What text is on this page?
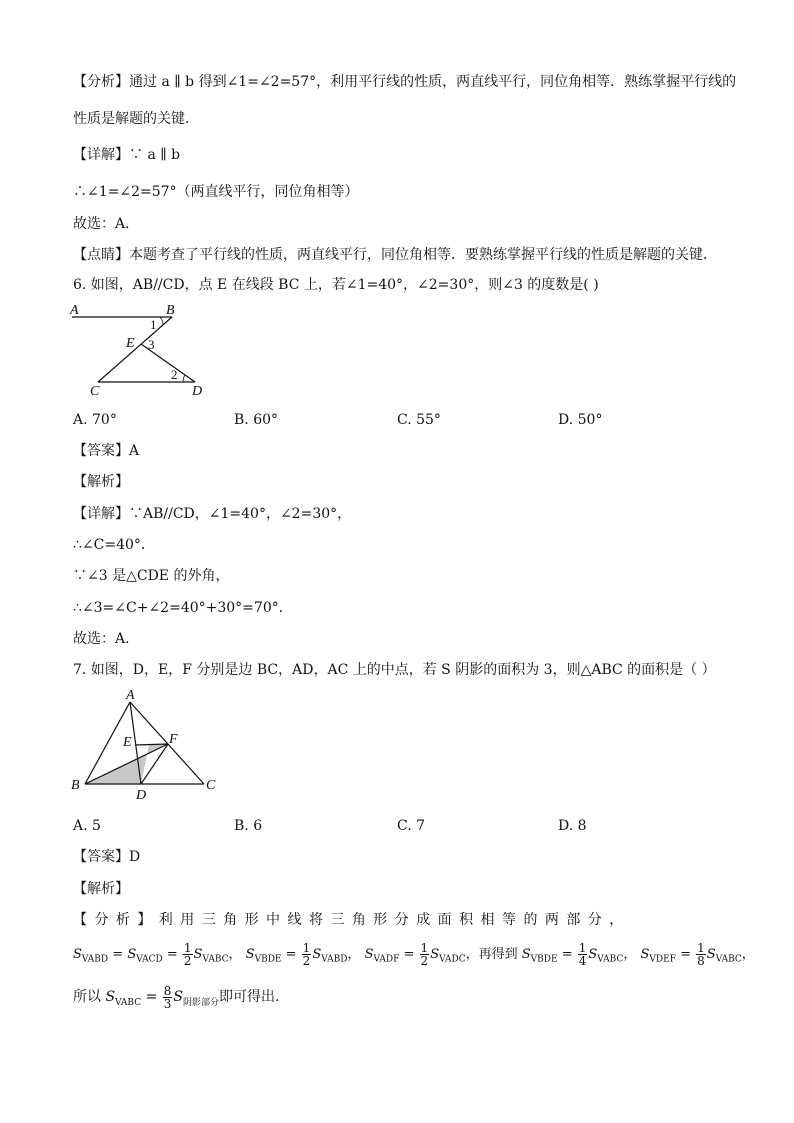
【分析】通过 a ∥ b 得到∠1=∠2=57°，利用平行线的性质，两直线平行，同位角相等．熟练掌握平行线的
性质是解题的关键．
【详解】∵ a ∥ b
∴∠1=∠2=57°（两直线平行，同位角相等）
故选：A．
【点睛】本题考查了平行线的性质，两直线平行，同位角相等．要熟练掌握平行线的性质是解题的关键．
6. 如图，AB//CD，点 E 在线段 BC 上，若∠1=40°，∠2=30°，则∠3 的度数是( )
A	B
E
C	D
1
3
2
A. 70°	B. 60°	C. 55°	D. 50°
【答案】A
【解析】
【详解】∵AB//CD，∠1=40°，∠2=30°，
∴∠C=40°．
∵∠3 是△CDE 的外角，
∴∠3=∠C+∠2=40°+30°=70°．
故选：A．
7. 如图，D，E，F 分别是边 BC，AD，AC 上的中点，若 S 阴影的面积为 3，则△ABC 的面积是（ ）
A
E	F
B
D
C
A. 5	B. 6	C. 7	D. 8
【答案】D
【解析】
【 分 析 】 利 用 三 角 形 中 线 将 三 角 形 分 成 面 积 相 等 的 两 部 分 ，
$S_{VABD} = S_{VACD} = \frac{1}{2} S_{VABC}$， $S_{VBDE} = \frac{1}{2} S_{VABD}$， $S_{VADF} = \frac{1}{2} S_{VADC}$，再得到 $S_{VBDE} = \frac{1}{4} S_{VABC}$， $S_{VDEF} = \frac{1}{8} S_{VABC}$，
所以 $S_{VABC} = \frac{8}{3} S_{阴影部分}$即可得出.
